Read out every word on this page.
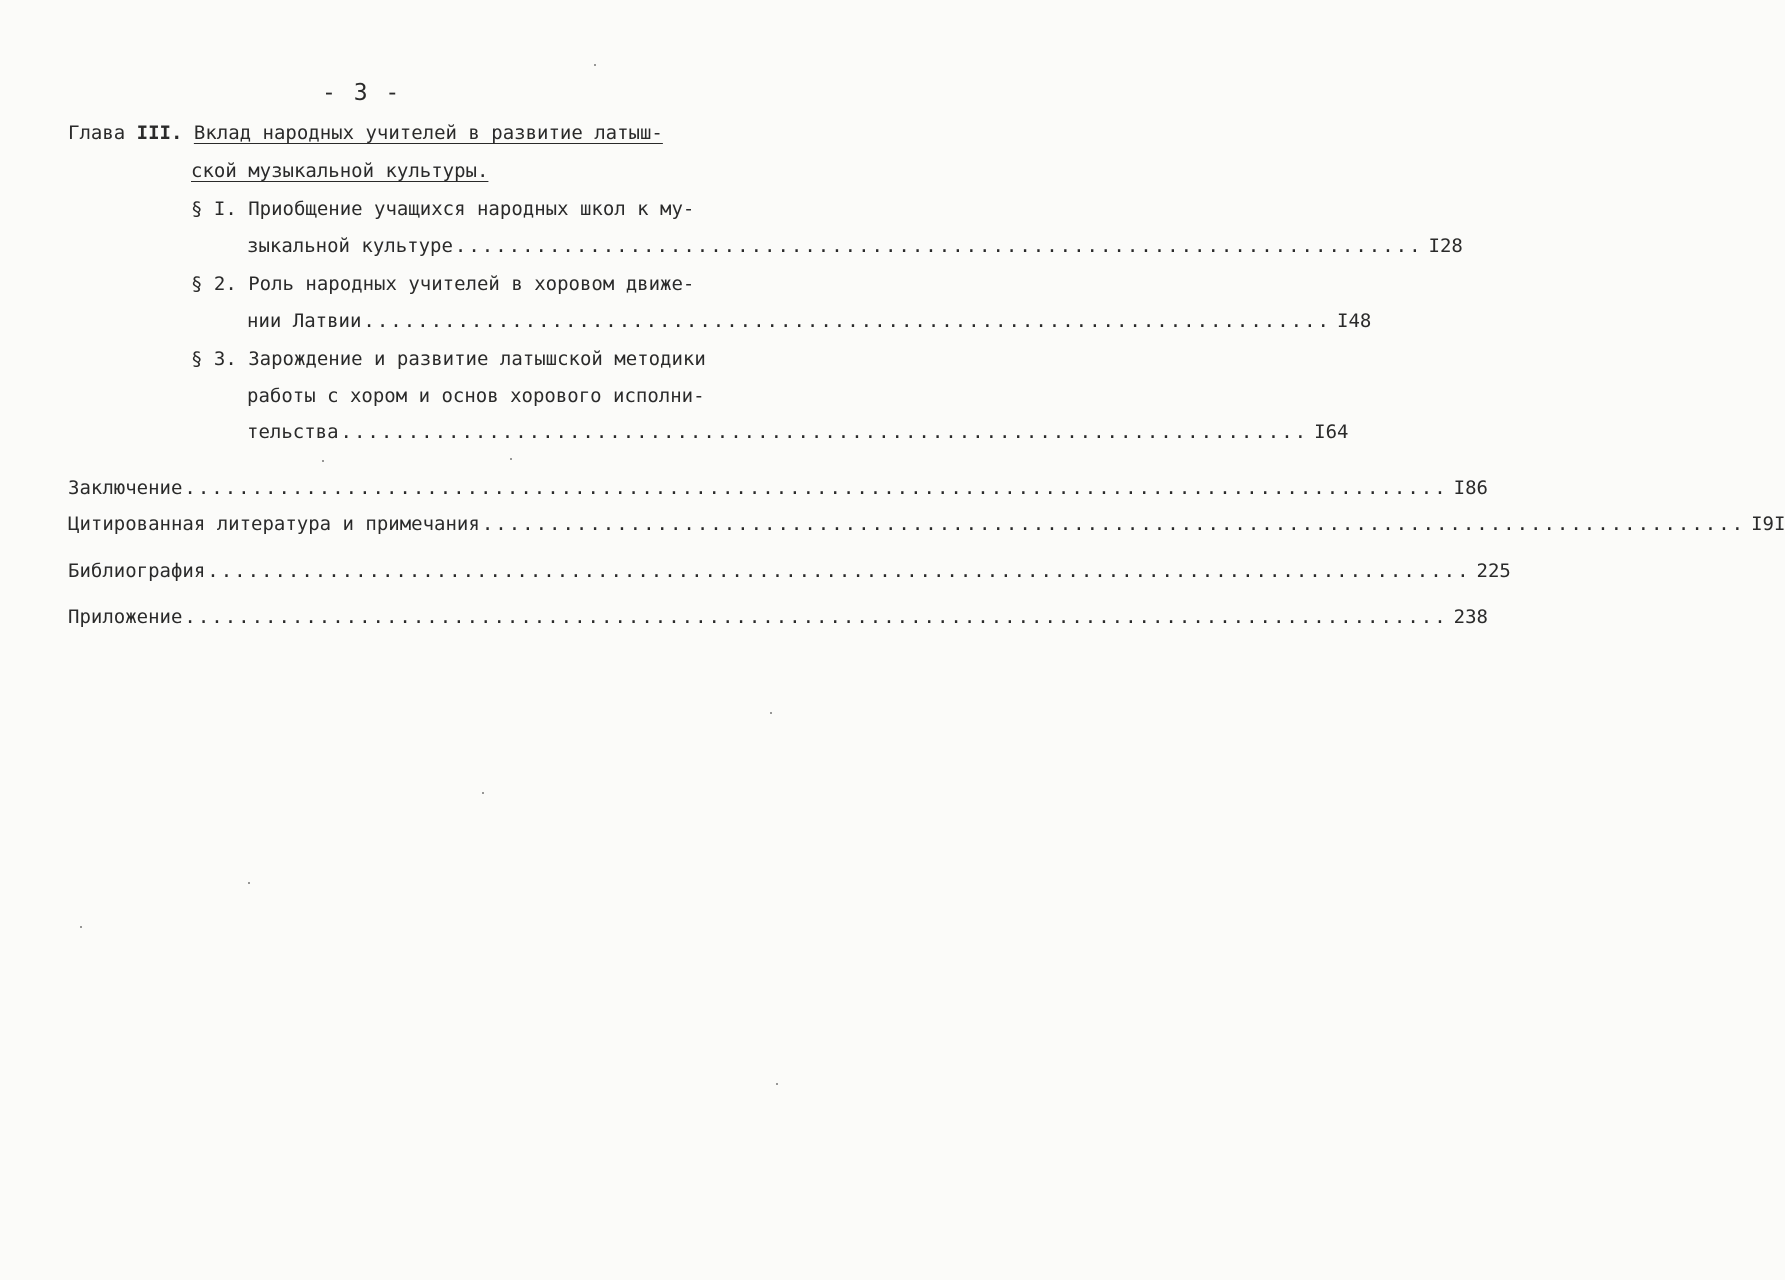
- 3 -
Глава III. Вклад народных учителей в развитие латыш-
ской музыкальной культуры.
§ I. Приобщение учащихся народных школ к му-
зыкальной культуре ........................................................................ I28
§ 2. Роль народных учителей в хоровом движе-
нии Латвии ........................................................................ I48
§ 3. Зарождение и развитие латышской методики
работы с хором и основ хорового исполни-
тельства ........................................................................ I64
Заключение .............................................................................................. I86
Цитированная литература и примечания .............................................................................................. I9I
Библиография .............................................................................................. 225
Приложение .............................................................................................. 238
